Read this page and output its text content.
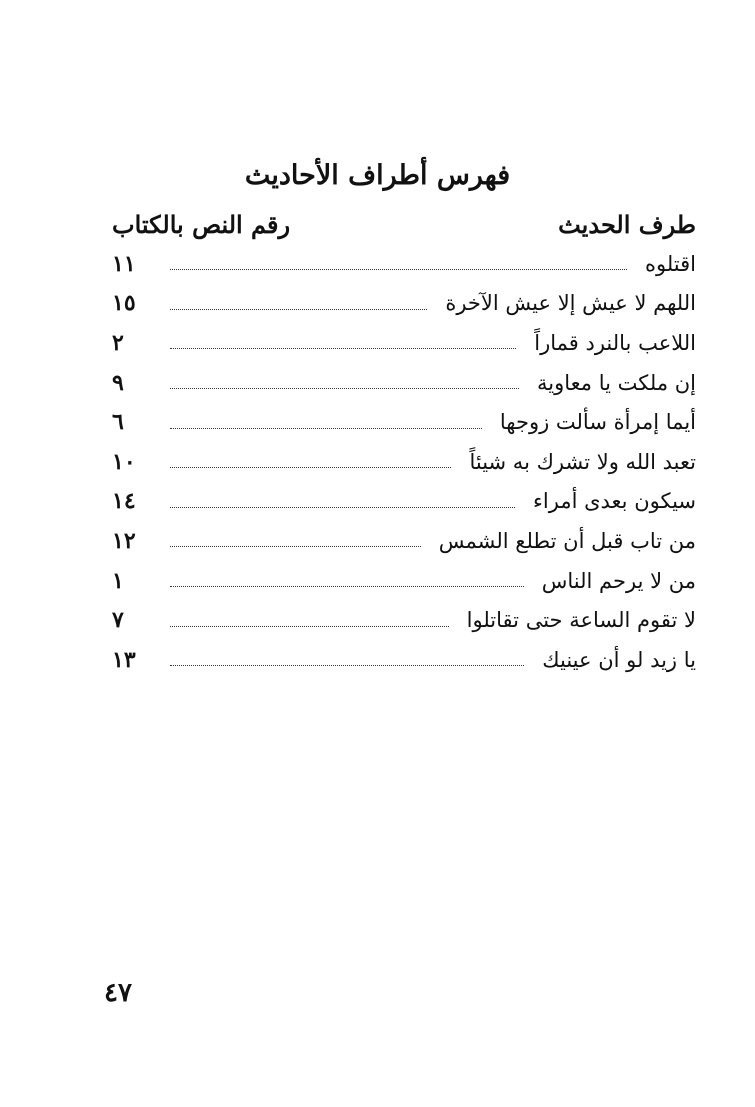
فهرس أطراف الأحاديث
طرف الحديث
رقم النص بالكتاب
اقتلوه
١١
اللهم لا عيش إلا عيش الآخرة
١٥
اللاعب بالنرد قماراً
٢
إن ملكت يا معاوية
٩
أيما إمرأة سألت زوجها
٦
تعبد الله ولا تشرك به شيئاً
١٠
سيكون بعدى أمراء
١٤
من تاب قبل أن تطلع الشمس
١٢
من لا يرحم الناس
١
لا تقوم الساعة حتى تقاتلوا
٧
يا زيد لو أن عينيك
١٣
٤٧
